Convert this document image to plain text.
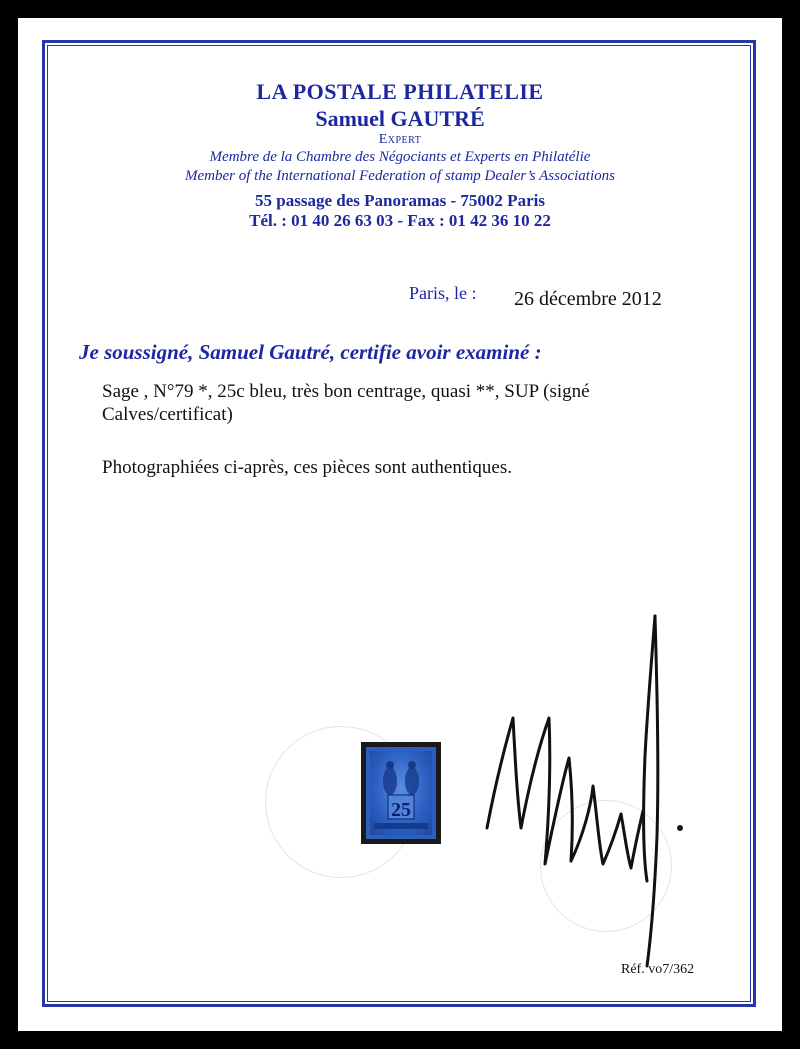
LA POSTALE PHILATELIE
Samuel GAUTRÉ
Expert
Membre de la Chambre des Négociants et Experts en Philatélie
Member of the International Federation of stamp Dealer’s Associations
55 passage des Panoramas - 75002 Paris
Tél. : 01 40 26 63 03 - Fax : 01 42 36 10 22
Paris, le : 26 décembre 2012
Je soussigné, Samuel Gautré, certifie avoir examiné :
Sage , N°79 *, 25c bleu, très bon centrage, quasi **, SUP (signé Calves/certificat)
Photographiées ci-après, ces pièces sont authentiques.
25
Réf. vo7/362
